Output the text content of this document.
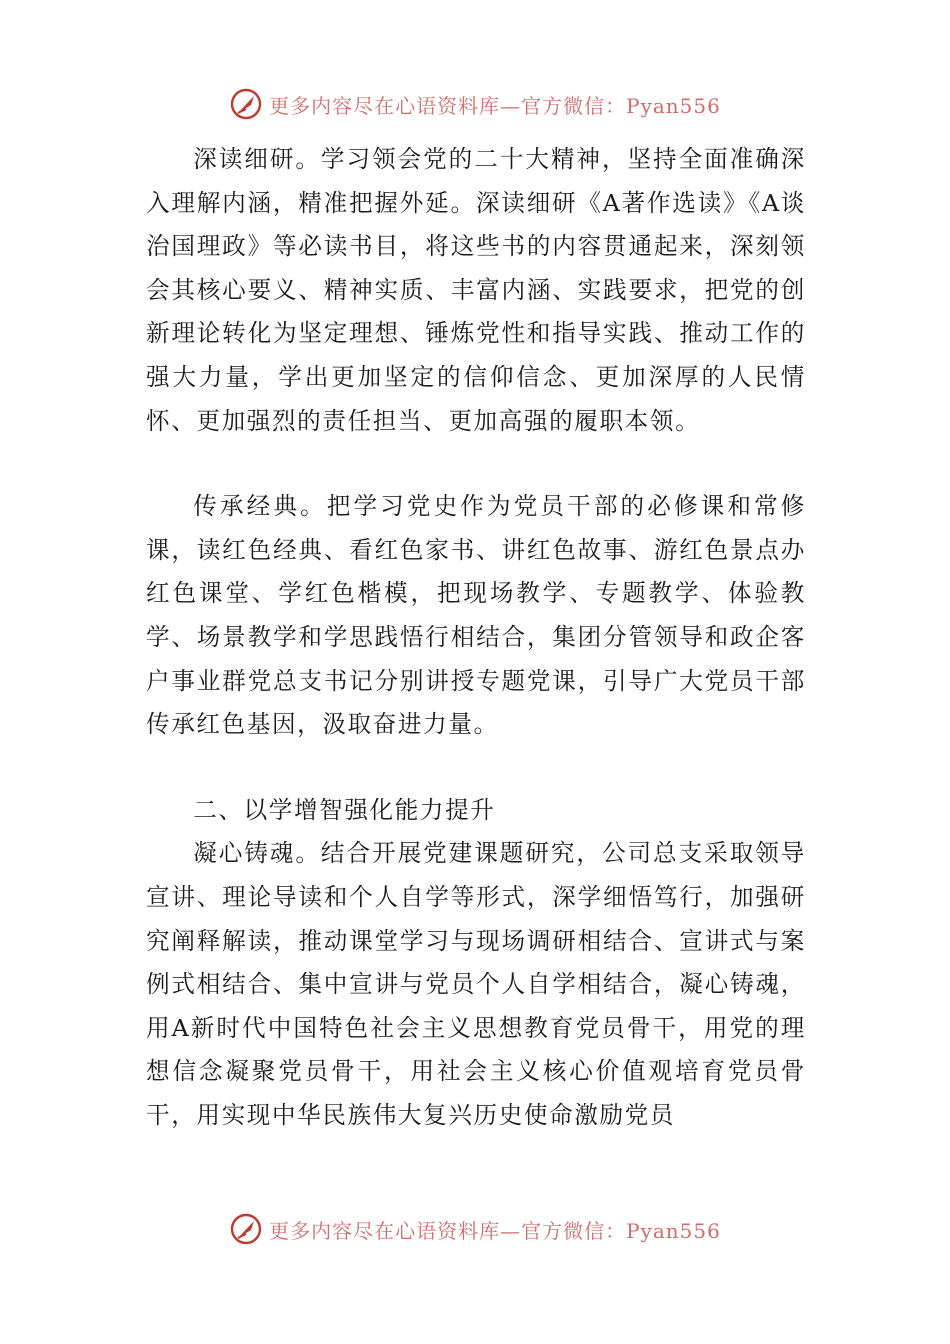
更多内容尽在心语资料库—官方微信：Pyan556

深读细研。学习领会党的二十大精神，坚持全面准确深入理解内涵，精准把握外延。深读细研《A著作选读》《A谈治国理政》等必读书目，将这些书的内容贯通起来，深刻领会其核心要义、精神实质、丰富内涵、实践要求，把党的创新理论转化为坚定理想、锤炼党性和指导实践、推动工作的强大力量，学出更加坚定的信仰信念、更加深厚的人民情怀、更加强烈的责任担当、更加高强的履职本领。

传承经典。把学习党史作为党员干部的必修课和常修课，读红色经典、看红色家书、讲红色故事、游红色景点办红色课堂、学红色楷模，把现场教学、专题教学、体验教学、场景教学和学思践悟行相结合，集团分管领导和政企客户事业群党总支书记分别讲授专题党课，引导广大党员干部传承红色基因，汲取奋进力量。

二、以学增智强化能力提升

凝心铸魂。结合开展党建课题研究，公司总支采取领导宣讲、理论导读和个人自学等形式，深学细悟笃行，加强研究阐释解读，推动课堂学习与现场调研相结合、宣讲式与案例式相结合、集中宣讲与党员个人自学相结合，凝心铸魂，用A新时代中国特色社会主义思想教育党员骨干，用党的理想信念凝聚党员骨干，用社会主义核心价值观培育党员骨干，用实现中华民族伟大复兴历史使命激励党员

更多内容尽在心语资料库—官方微信：Pyan556
